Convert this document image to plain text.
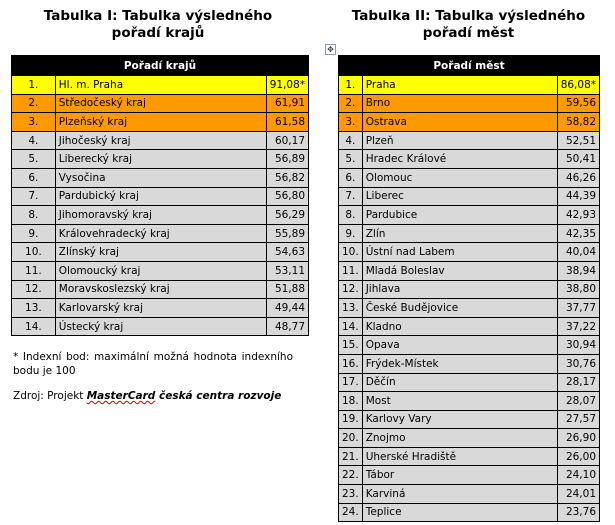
Tabulka I: Tabulka výsledného
pořadí krajů
Tabulka II: Tabulka výsledného
pořadí měst
✥
Pořadí krajů		
1.	Hl. m. Praha	91,08*
2.	Středočeský kraj	61,91
3.	Plzeňský kraj	61,58
4.	Jihočeský kraj	60,17
5.	Liberecký kraj	56,89
6.	Vysočina	56,82
7.	Pardubický kraj	56,80
8.	Jihomoravský kraj	56,29
9.	Královehradecký kraj	55,89
10.	Zlínský kraj	54,63
11.	Olomoucký kraj	53,11
12.	Moravskoslezský kraj	51,88
13.	Karlovarský kraj	49,44
14.	Ústecký kraj	48,77
Pořadí měst		
1.	Praha	86,08*
2.	Brno	59,56
3.	Ostrava	58,82
4.	Plzeň	52,51
5.	Hradec Králové	50,41
6.	Olomouc	46,26
7.	Liberec	44,39
8.	Pardubice	42,93
9.	Zlín	42,35
10.	Ústní nad Labem	40,04
11.	Mladá Boleslav	38,94
12.	Jihlava	38,80
13.	České Budějovice	37,77
14.	Kladno	37,22
15.	Opava	30,94
16.	Frýdek-Místek	30,76
17.	Děčín	28,17
18.	Most	28,07
19.	Karlovy Vary	27,57
20.	Znojmo	26,90
21.	Uherské Hradiště	26,00
22.	Tábor	24,10
23.	Karviná	24,01
24.	Teplice	23,76
* Indexní bod: maximální možná hodnota indexního bodu je 100
Zdroj: Projekt MasterCard česká centra rozvoje
